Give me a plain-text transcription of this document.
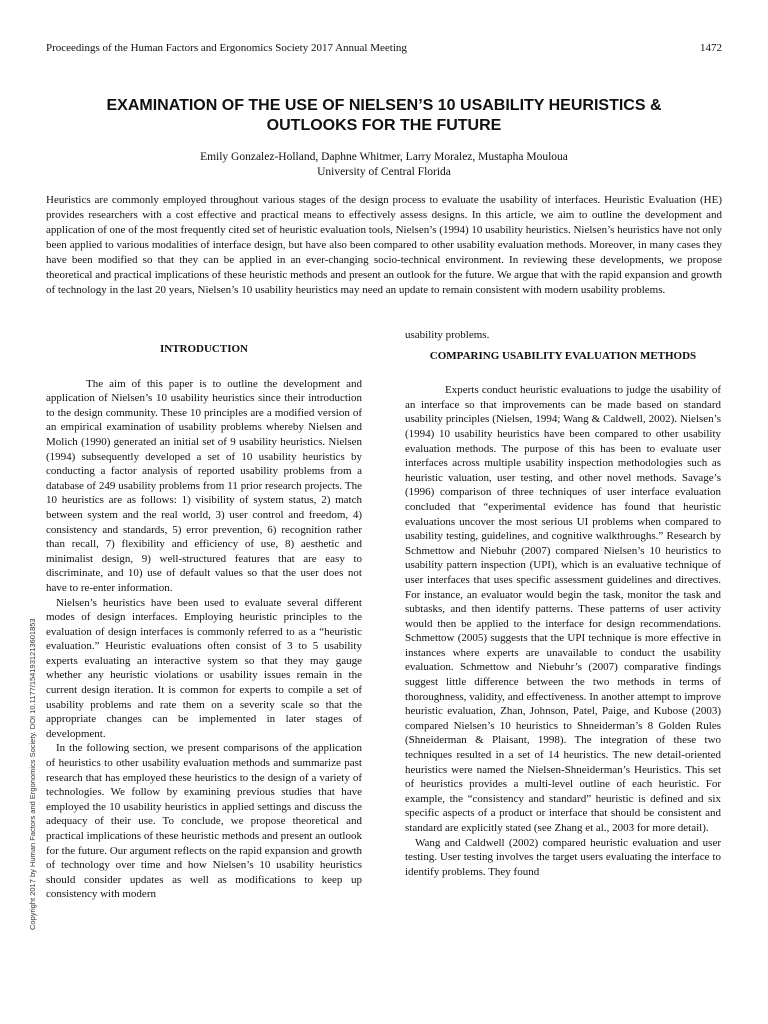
Proceedings of the Human Factors and Ergonomics Society 2017 Annual Meeting	1472
EXAMINATION OF THE USE OF NIELSEN’S 10 USABILITY HEURISTICS &
OUTLOOKS FOR THE FUTURE
Emily Gonzalez-Holland, Daphne Whitmer, Larry Moralez, Mustapha Mouloua
University of Central Florida
Heuristics are commonly employed throughout various stages of the design process to evaluate the usability of interfaces. Heuristic Evaluation (HE) provides researchers with a cost effective and practical means to effectively assess designs. In this article, we aim to outline the development and application of one of the most frequently cited set of heuristic evaluation tools, Nielsen’s (1994) 10 usability heuristics. Nielsen’s heuristics have not only been applied to various modalities of interface design, but have also been compared to other usability evaluation methods. Moreover, in many cases they have been modified so that they can be applied in an ever-changing socio-technical environment. In reviewing these developments, we propose theoretical and practical implications of these heuristic methods and present an outlook for the future. We argue that with the rapid expansion and growth of technology in the last 20 years, Nielsen’s 10 usability heuristics may need an update to remain consistent with modern usability problems.
INTRODUCTION

The aim of this paper is to outline the development and application of Nielsen’s 10 usability heuristics since their introduction to the design community. These 10 principles are a modified version of an empirical examination of usability problems whereby Nielsen and Molich (1990) generated an initial set of 9 usability heuristics. Nielsen (1994) subsequently developed a set of 10 usability heuristics by conducting a factor analysis of reported usability problems from a database of 249 usability problems from 11 prior research projects. The 10 heuristics are as follows: 1) visibility of system status, 2) match between system and the real world, 3) user control and freedom, 4) consistency and standards, 5) error prevention, 6) recognition rather than recall, 7) flexibility and efficiency of use, 8) aesthetic and minimalist design, 9) well-structured features that are easy to discriminate, and 10) use of default values so that the user does not have to re-enter information.

Nielsen’s heuristics have been used to evaluate several different modes of design interfaces. Employing heuristic principles to the evaluation of design interfaces is commonly referred to as a “heuristic evaluation.” Heuristic evaluations often consist of 3 to 5 usability experts evaluating an interactive system so that they may gauge whether any heuristic violations or usability issues remain in the current design iteration. It is common for experts to compile a set of usability problems and rate them on a severity scale so that the appropriate changes can be implemented in later stages of development.

In the following section, we present comparisons of the application of heuristics to other usability evaluation methods and summarize past research that has employed these heuristics to the design of a variety of technologies. We follow by examining previous studies that have employed the 10 usability heuristics in applied settings and discuss the adequacy of their use. To conclude, we propose theoretical and practical implications of these heuristic methods and present an outlook for the future. Our argument reflects on the rapid expansion and growth of technology over time and how Nielsen’s 10 usability heuristics should consider updates as well as modifications to keep up consistency with modern

usability problems.

COMPARING USABILITY EVALUATION METHODS

Experts conduct heuristic evaluations to judge the usability of an interface so that improvements can be made based on standard usability principles (Nielsen, 1994; Wang & Caldwell, 2002). Nielsen’s (1994) 10 usability heuristics have been compared to other usability evaluation methods. The purpose of this has been to evaluate user interfaces across multiple usability inspection methodologies such as heuristic valuation, user testing, and other novel methods. Savage’s (1996) comparison of three techniques of user interface evaluation concluded that “experimental evidence has found that heuristic evaluations uncover the most serious UI problems when compared to usability testing, guidelines, and cognitive walkthroughs.” Research by Schmettow and Niebuhr (2007) compared Nielsen’s 10 heuristics to usability pattern inspection (UPI), which is an evaluative technique of user interfaces that uses specific assessment guidelines and directives. For instance, an evaluator would begin the task, monitor the task and subtasks, and then identify patterns. These patterns of user activity would then be applied to the interface for design recommendations. Schmettow (2005) suggests that the UPI technique is more effective in instances where experts are unavailable to conduct the usability evaluation. Schmettow and Niebuhr’s (2007) comparative findings suggest little difference between the two methods in terms of thoroughness, validity, and effectiveness. In another attempt to improve heuristic evaluation, Zhan, Johnson, Patel, Paige, and Kubose (2003) compared Nielsen’s 10 heuristics to Shneiderman’s 8 Golden Rules (Shneiderman & Plaisant, 1998). The integration of these two techniques resulted in a set of 14 heuristics. The new detail-oriented heuristics were named the Nielsen-Shneiderman’s Heuristics. This set of heuristics provides a multi-level outline of each heuristic. For example, the “consistency and standard” heuristic is defined and six specific aspects of a product or interface that should be consistent and standard are explicitly stated (see Zhang et al., 2003 for more detail).

Wang and Caldwell (2002) compared heuristic evaluation and user testing. User testing involves the target users evaluating the interface to identify problems. They found

Copyright 2017 by Human Factors and Ergonomics Society. DOI 10.1177/1541931213601853
